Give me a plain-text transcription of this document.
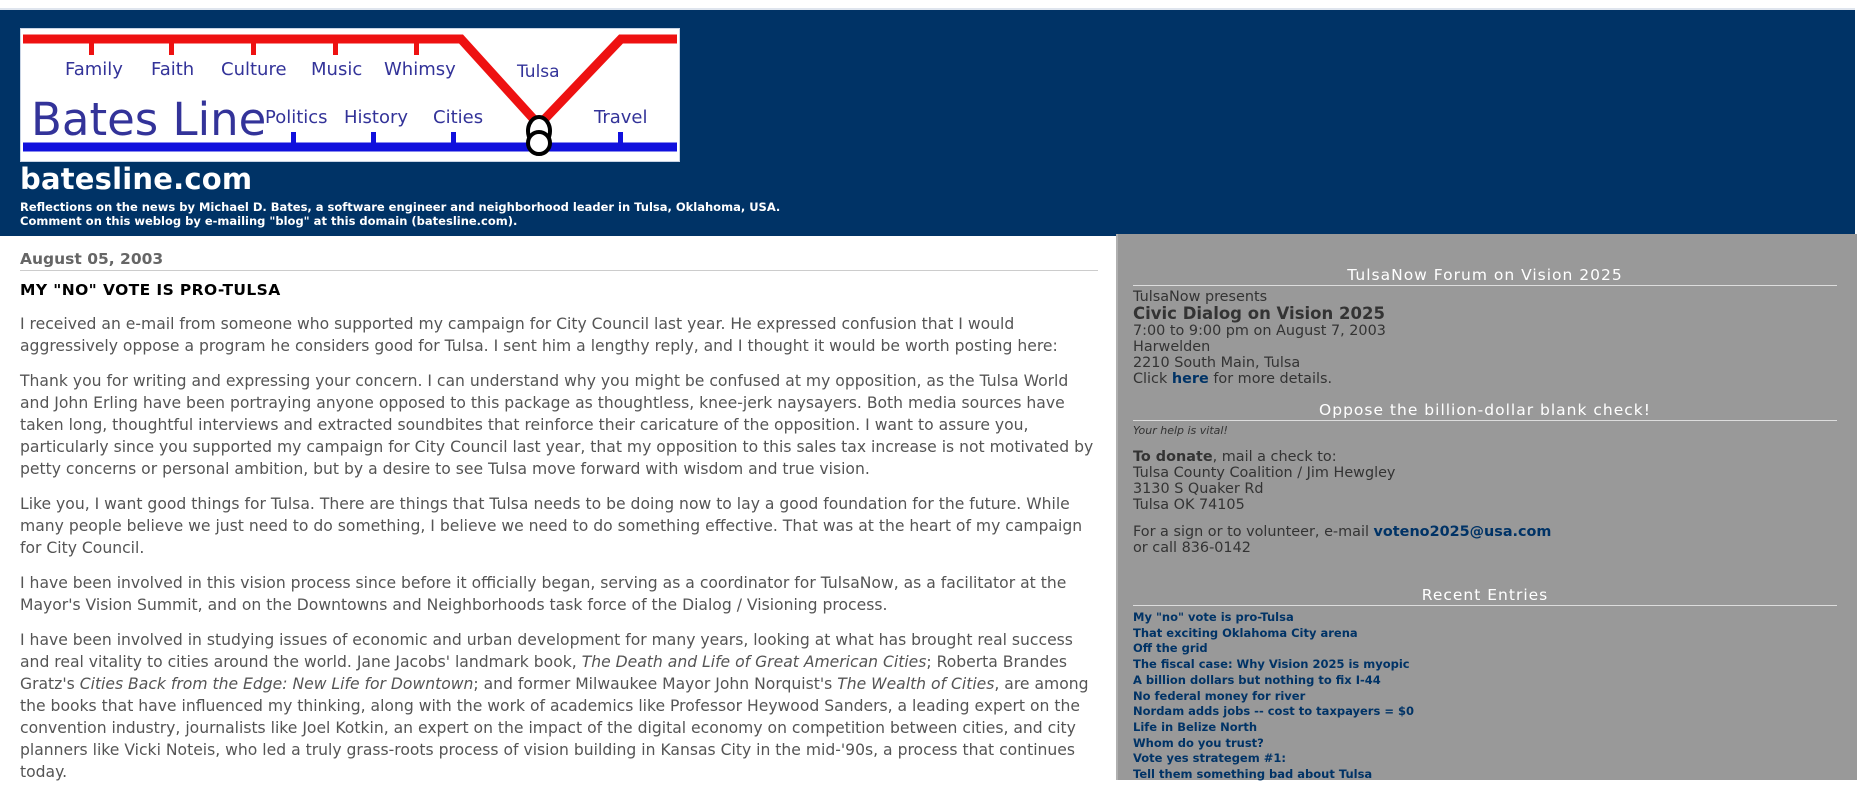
Bates Line
Family Faith Culture Music Whimsy	Tulsa
Politics History Cities	Travel
batesline.com
Reflections on the news by Michael D. Bates, a software engineer and neighborhood leader in Tulsa, Oklahoma, USA.
Comment on this weblog by e-mailing "blog" at this domain (batesline.com).
August 05, 2003
MY "NO" VOTE IS PRO-TULSA

I received an e-mail from someone who supported my campaign for City Council last year. He expressed confusion that I would aggressively oppose a program he considers good for Tulsa. I sent him a lengthy reply, and I thought it would be worth posting here:

Thank you for writing and expressing your concern. I can understand why you might be confused at my opposition, as the Tulsa World and John Erling have been portraying anyone opposed to this package as thoughtless, knee-jerk naysayers. Both media sources have taken long, thoughtful interviews and extracted soundbites that reinforce their caricature of the opposition. I want to assure you, particularly since you supported my campaign for City Council last year, that my opposition to this sales tax increase is not motivated by petty concerns or personal ambition, but by a desire to see Tulsa move forward with wisdom and true vision.

Like you, I want good things for Tulsa. There are things that Tulsa needs to be doing now to lay a good foundation for the future. While many people believe we just need to do something, I believe we need to do something effective. That was at the heart of my campaign for City Council.

I have been involved in this vision process since before it officially began, serving as a coordinator for TulsaNow, as a facilitator at the Mayor's Vision Summit, and on the Downtowns and Neighborhoods task force of the Dialog / Visioning process.

I have been involved in studying issues of economic and urban development for many years, looking at what has brought real success and real vitality to cities around the world. Jane Jacobs' landmark book, The Death and Life of Great American Cities; Roberta Brandes Gratz's Cities Back from the Edge: New Life for Downtown; and former Milwaukee Mayor John Norquist's The Wealth of Cities, are among the books that have influenced my thinking, along with the work of academics like Professor Heywood Sanders, a leading expert on the convention industry, journalists like Joel Kotkin, an expert on the impact of the digital economy on competition between cities, and city planners like Vicki Noteis, who led a truly grass-roots process of vision building in Kansas City in the mid-'90s, a process that continues today.

TulsaNow Forum on Vision 2025
TulsaNow presents
Civic Dialog on Vision 2025
7:00 to 9:00 pm on August 7, 2003
Harwelden
2210 South Main, Tulsa
Click here for more details.
Oppose the billion-dollar blank check!
Your help is vital!
To donate, mail a check to:
Tulsa County Coalition / Jim Hewgley
3130 S Quaker Rd
Tulsa OK 74105
For a sign or to volunteer, e-mail voteno2025@usa.com
or call 836-0142
Recent Entries
My "no" vote is pro-Tulsa
That exciting Oklahoma City arena
Off the grid
The fiscal case: Why Vision 2025 is myopic
A billion dollars but nothing to fix I-44
No federal money for river
Nordam adds jobs -- cost to taxpayers = $0
Life in Belize North
Whom do you trust?
Vote yes strategem #1:
Tell them something bad about Tulsa
